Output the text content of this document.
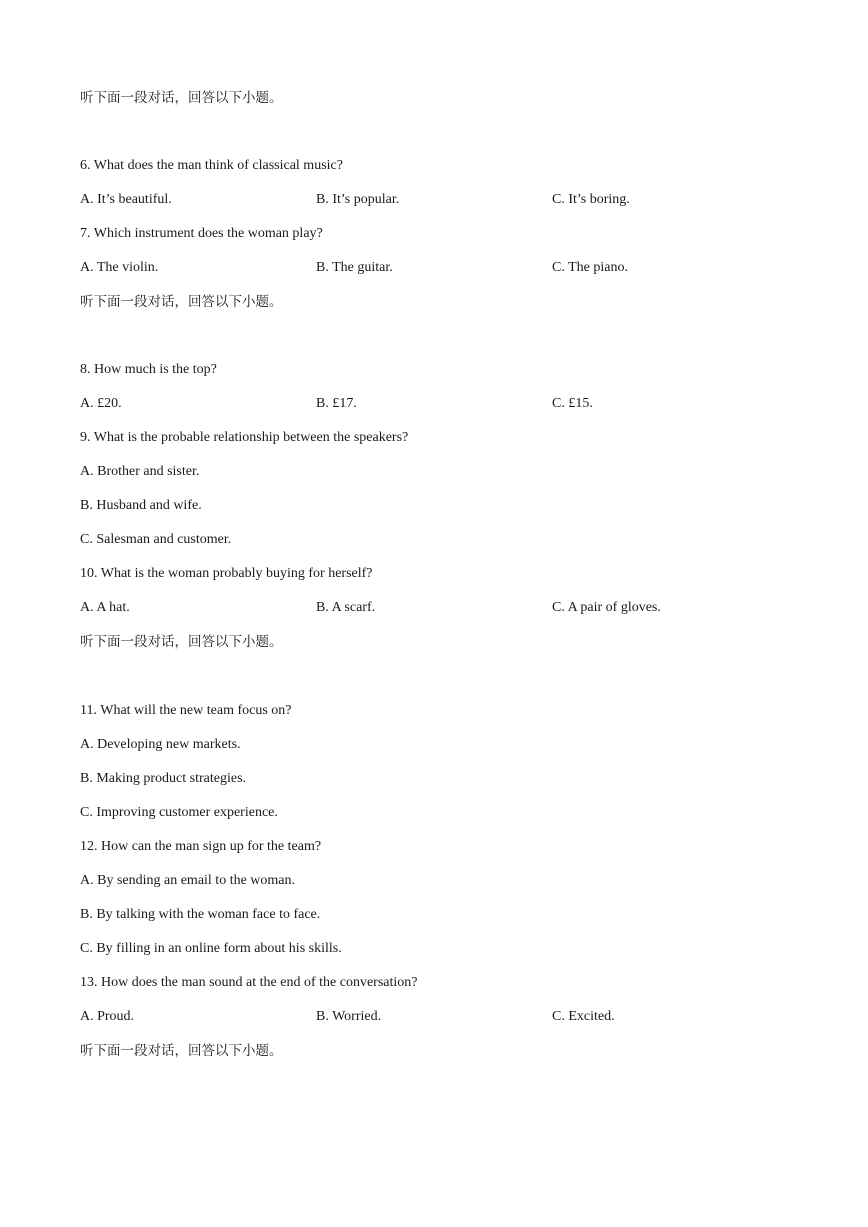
听下面一段对话，回答以下小题。
6. What does the man think of classical music?
A. It’s beautiful.	B. It’s popular.	C. It’s boring.
7. Which instrument does the woman play?
A. The violin.	B. The guitar.	C. The piano.
听下面一段对话，回答以下小题。
8. How much is the top?
A. £20.	B. £17.	C. £15.
9. What is the probable relationship between the speakers?
A. Brother and sister.
B. Husband and wife.
C. Salesman and customer.
10. What is the woman probably buying for herself?
A. A hat.	B. A scarf.	C. A pair of gloves.
听下面一段对话，回答以下小题。
11. What will the new team focus on?
A. Developing new markets.
B. Making product strategies.
C. Improving customer experience.
12. How can the man sign up for the team?
A. By sending an email to the woman.
B. By talking with the woman face to face.
C. By filling in an online form about his skills.
13. How does the man sound at the end of the conversation?
A. Proud.	B. Worried.	C. Excited.
听下面一段对话，回答以下小题。
